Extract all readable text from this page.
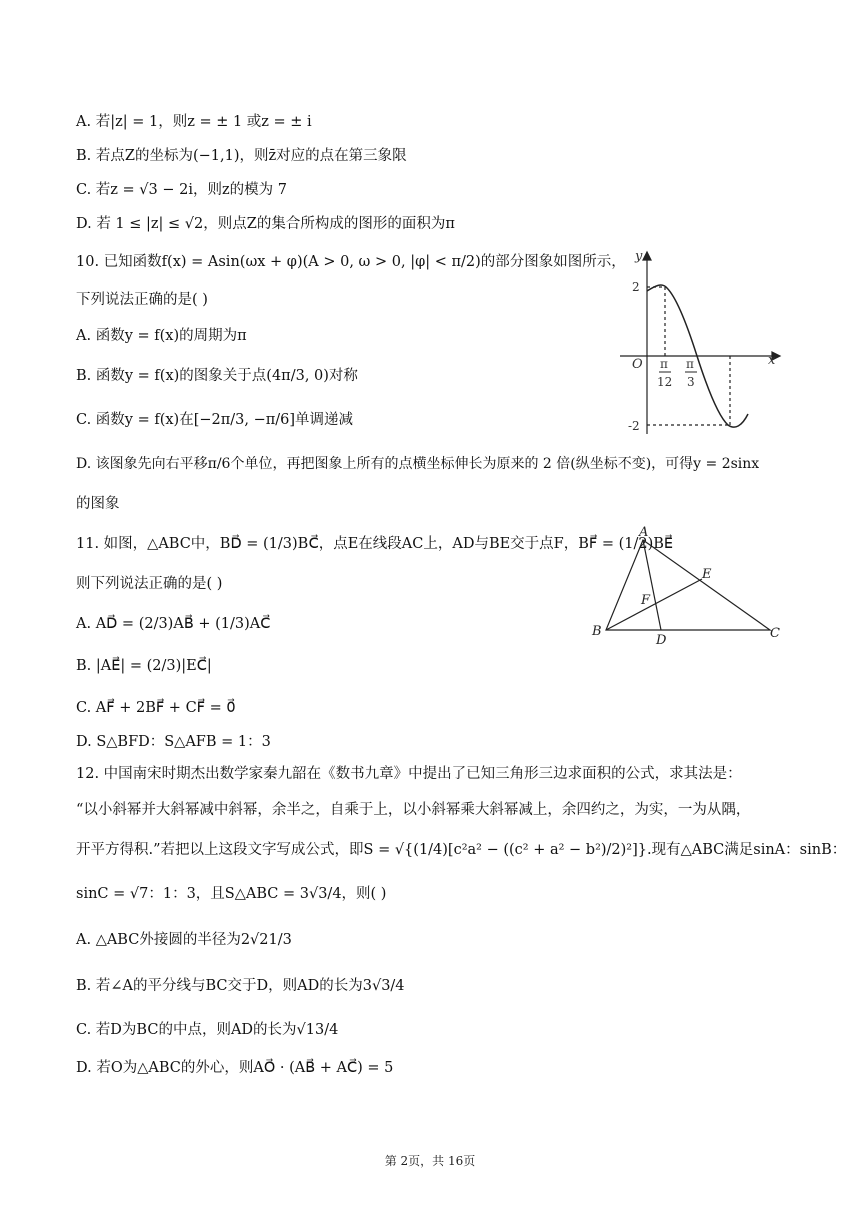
A. 若|z| = 1，则z = ± 1 或z = ± i
B. 若点Z的坐标为(−1,1)，则z̄对应的点在第三象限
C. 若z = √3 − 2i，则z的模为 7
D. 若 1 ≤ |z| ≤ √2，则点Z的集合所构成的图形的面积为π
10. 已知函数f(x) = Asin(ωx + φ)(A > 0, ω > 0, |φ| < π/2)的部分图象如图所示，
下列说法正确的是( )
A. 函数y = f(x)的周期为π
B. 函数y = f(x)的图象关于点(4π/3, 0)对称
C. 函数y = f(x)在[−2π/3, −π/6]单调递减
D. 该图象先向右平移π/6个单位，再把图象上所有的点横坐标伸长为原来的 2 倍(纵坐标不变)，可得y = 2sinx
的图象
y
x
O
2
-2
π
12
π
3
11. 如图，△ABC中，BD⃗ = (1/3)BC⃗，点E在线段AC上，AD与BE交于点F，BF⃗ = (1/2)BE⃗
则下列说法正确的是( )
A. AD⃗ = (2/3)AB⃗ + (1/3)AC⃗
B. |AE⃗| = (2/3)|EC⃗|
C. AF⃗ + 2BF⃗ + CF⃗ = 0⃗
D. S△BFD：S△AFB = 1：3
A
B	C
D
E
F
12. 中国南宋时期杰出数学家秦九韶在《数书九章》中提出了已知三角形三边求面积的公式，求其法是：
“以小斜幂并大斜幂减中斜幂，余半之，自乘于上，以小斜幂乘大斜幂减上，余四约之，为实，一为从隅，
开平方得积.”若把以上这段文字写成公式，即S = √{(1/4)[c²a² − ((c² + a² − b²)/2)²]}.现有△ABC满足sinA：sinB：
sinC = √7：1：3，且S△ABC = 3√3/4，则( )
A. △ABC外接圆的半径为2√21/3
B. 若∠A的平分线与BC交于D，则AD的长为3√3/4
C. 若D为BC的中点，则AD的长为√13/4
D. 若O为△ABC的外心，则AO⃗ · (AB⃗ + AC⃗) = 5
第 2页，共 16页
